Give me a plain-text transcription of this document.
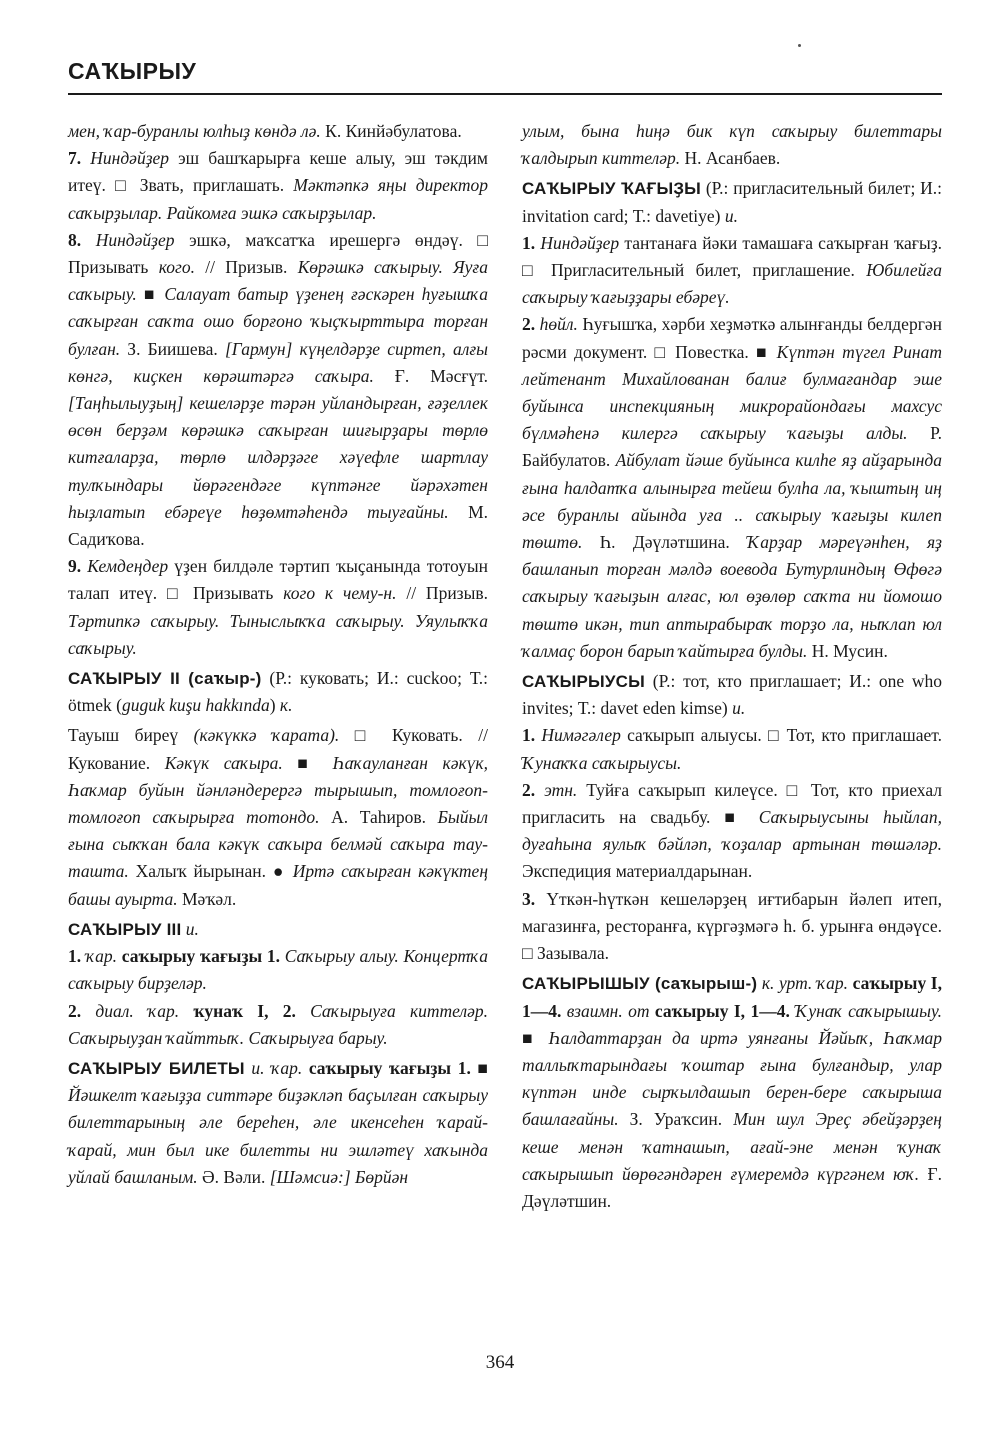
САҠЫРЫУ

мен, ҡар-буранлы юлһыҙ көндә лә. К. Кинйәбулатова.

7. Ниндәйҙер эш башҡарырға кеше алыу, эш тәкдим итеү. □ Звать, приглашать. Мәктәпкә яңы директор саҡырҙылар. Райкомға эшкә саҡырҙылар.

8. Ниндәйҙер эшкә, маҡсатҡа ирешергә өндәү. □ Призывать кого. // Призыв. Көрәшкә саҡырыу. Яуға саҡырыу. ■ Салауат батыр үҙенең ғәскәрен һуғышҡа саҡырған саҡта ошо борғоно ҡыҫҡырттыра торған булған. З. Биишева. [Гармун] күңелдәрҙе сиртеп, алғы көнгә, киҫкен көрәштәргә саҡыра. Ғ. Мәсғүт. [Таңһылыуҙың] кешеләрҙе тәрән уйландырған, ғәҙеллек өсөн берҙәм көрәшкә саҡырған шиғырҙары төрлө китғаларҙа, төрлө илдәрҙәге хәүефле шартлау тулҡындары йөрәгендәге күптәнге йәрәхәтен һыҙлатып ебәреүе һөҙөмтәһендә тыуғайны. М. Садиҡова.

9. Кемдеңдер үҙен билдәле тәртип ҡыҫанында тотоуын талап итеү. □ Призывать кого к чему-н. // Призыв. Тәртипкә саҡырыу. Тыныслыҡҡа саҡырыу. Уяулыҡҡа саҡырыу.

САҠЫРЫУ II (саҡыр-) (Р.: куковать; И.: cuckoo; Т.: ötmek (guguk kuşu hakkında) к.

Тауыш биреү (кәкүккә ҡарата). □ Куковать. // Кукование. Кәкүк саҡыра. ■ Һаҡауланған кәкүк, Һаҡмар буйын йәнләндерергә тырышып, томлоғоп-томлоғоп саҡырырға тотондо. А. Таһиров. Быйыл ғына сыҡҡан бала кәкүк саҡыра белмәй саҡыра тау-ташта. Халыҡ йырынан. ● Иртә саҡырған кәкүктең башы ауырта. Мәҡәл.

САҠЫРЫУ III и.

1. ҡар. саҡырыу ҡағыҙы 1. Саҡырыу алыу. Концертҡа саҡырыу бирҙеләр.

2. диал. ҡар. ҡунаҡ I, 2. Саҡырыуға киттеләр. Саҡырыуҙан ҡайттыҡ. Саҡырыуға барыу.

САҠЫРЫУ БИЛЕТЫ и. ҡар. саҡырыу ҡағыҙы 1. ■ Йәшкелт ҡағыҙҙа ситтәре биҙәкләп баҫылған саҡырыу билеттарының әле береһен, әле икенсеһен ҡарай-ҡарай, мин был ике билетты ни эшләтеү хаҡында уйлай башланым. Ә. Вәли. [Шәмсиә:] Бөрйән

улым, бына һиңә бик күп саҡырыу билеттары ҡалдырып киттеләр. Н. Асанбаев.

САҠЫРЫУ ҠАҒЫҘЫ (Р.: пригласительный билет; И.: invitation card; Т.: davetiye) и.

1. Ниндәйҙер тантанаға йәки тамашаға саҡырған ҡағыҙ. □ Пригласительный билет, приглашение. Юбилейға саҡырыу ҡағыҙҙары ебәреү.

2. һөйл. Һуғышҡа, хәрби хеҙмәткә алынғанды белдергән рәсми документ. □ Повестка. ■ Күптән түгел Ринат лейтенант Михайлованан балиғ булмағандар эше буйынса инспекцияның микрорайондағы махсус бүлмәһенә килергә саҡырыу ҡағыҙы алды. Р. Байбулатов. Айбулат йәше буйынса килһе яҙ айҙарында ғына һалдатҡа алынырға тейеш булһа ла, ҡыштың иң әсе буранлы айында уға .. саҡырыу ҡағыҙы килеп төштө. Һ. Дәүләтшина. Ҡарҙар мәреүәнһен, яҙ башланып торған мәлдә воевода Бутурлиндың Өфөгә саҡырыу ҡағыҙын алғас, юл өҙөлөр саҡта ни йомошо төштө икән, тип аптырабыраҡ торҙо ла, ныҡлап юл ҡалмаҫ борон барып ҡайтырға булды. Н. Мусин.

САҠЫРЫУСЫ (Р.: тот, кто приглашает; И.: one who invites; Т.: davet eden kimse) и.

1. Нимәгәлер саҡырып алыусы. □ Тот, кто приглашает. Ҡунаҡҡа саҡырыусы.

2. этн. Туйға саҡырып килеүсе. □ Тот, кто приехал пригласить на свадьбу. ■ Саҡырыусыны һыйлап, дуғаһына яулыҡ бәйләп, ҡоҙалар артынан төшәләр. Экспедиция материалдарынан.

3. Үткән-һүткән кешеләрҙең иғтибарын йәлеп итеп, магазинға, ресторанға, күргәҙмәгә һ. б. урынға өндәүсе. □ Зазывала.

САҠЫРЫШЫУ (саҡырыш-) к. урт. ҡар. саҡырыу I, 1—4. взаимн. от саҡырыу I, 1—4. Ҡунаҡ саҡырышыу. ■ Һалдаттарҙан да иртә уянғаны Йәйыҡ, Һаҡмар таллыҡтарындағы ҡоштар ғына булғандыр, улар күптән инде сырҡылдашып берен-бере саҡырыша башлағайны. З. Ураҡсин. Мин шул Эреҫ әбейҙәрҙең кеше менән ҡатнашып, ағай-эне менән ҡунаҡ саҡырышып йөрөгәндәрен ғүмеремдә күргәнем юҡ. Ғ. Дәүләтшин.

364
